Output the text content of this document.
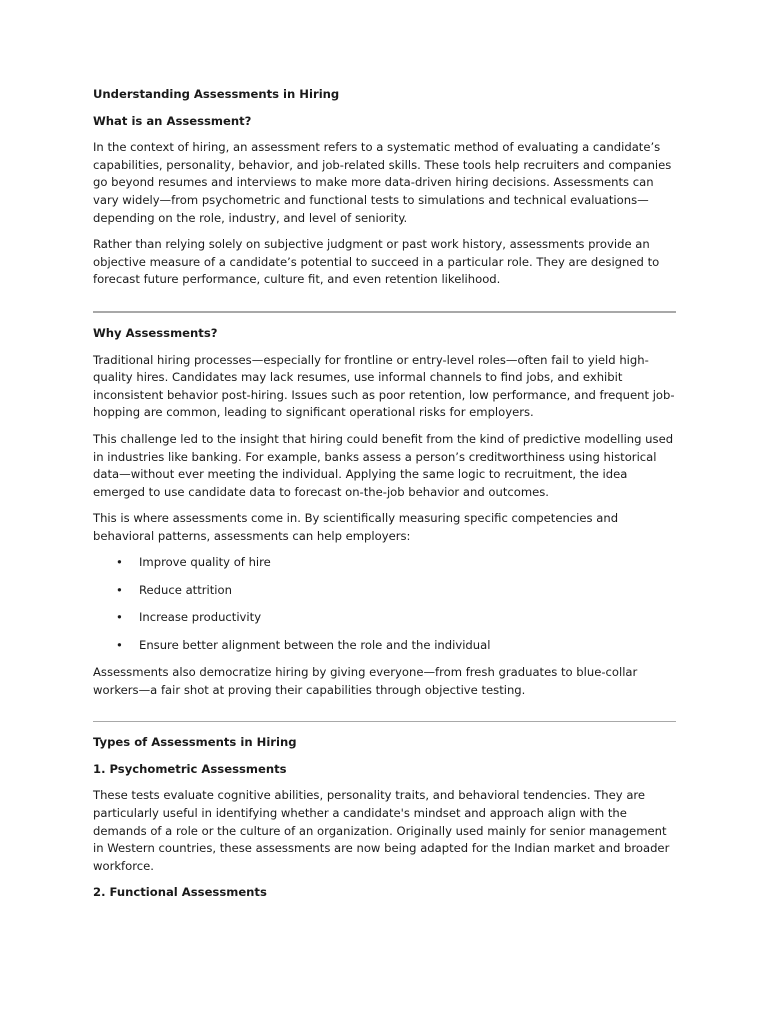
Understanding Assessments in Hiring

What is an Assessment?

In the context of hiring, an assessment refers to a systematic method of evaluating a candidate’s capabilities, personality, behavior, and job-related skills. These tools help recruiters and companies go beyond resumes and interviews to make more data-driven hiring decisions. Assessments can vary widely—from psychometric and functional tests to simulations and technical evaluations—depending on the role, industry, and level of seniority.

Rather than relying solely on subjective judgment or past work history, assessments provide an objective measure of a candidate’s potential to succeed in a particular role. They are designed to forecast future performance, culture fit, and even retention likelihood.

Why Assessments?

Traditional hiring processes—especially for frontline or entry-level roles—often fail to yield high-quality hires. Candidates may lack resumes, use informal channels to find jobs, and exhibit inconsistent behavior post-hiring. Issues such as poor retention, low performance, and frequent job-hopping are common, leading to significant operational risks for employers.

This challenge led to the insight that hiring could benefit from the kind of predictive modelling used in industries like banking. For example, banks assess a person’s creditworthiness using historical data—without ever meeting the individual. Applying the same logic to recruitment, the idea emerged to use candidate data to forecast on-the-job behavior and outcomes.

This is where assessments come in. By scientifically measuring specific competencies and behavioral patterns, assessments can help employers:

• Improve quality of hire
• Reduce attrition
• Increase productivity
• Ensure better alignment between the role and the individual

Assessments also democratize hiring by giving everyone—from fresh graduates to blue-collar workers—a fair shot at proving their capabilities through objective testing.

Types of Assessments in Hiring

1. Psychometric Assessments

These tests evaluate cognitive abilities, personality traits, and behavioral tendencies. They are particularly useful in identifying whether a candidate's mindset and approach align with the demands of a role or the culture of an organization. Originally used mainly for senior management in Western countries, these assessments are now being adapted for the Indian market and broader workforce.

2. Functional Assessments
